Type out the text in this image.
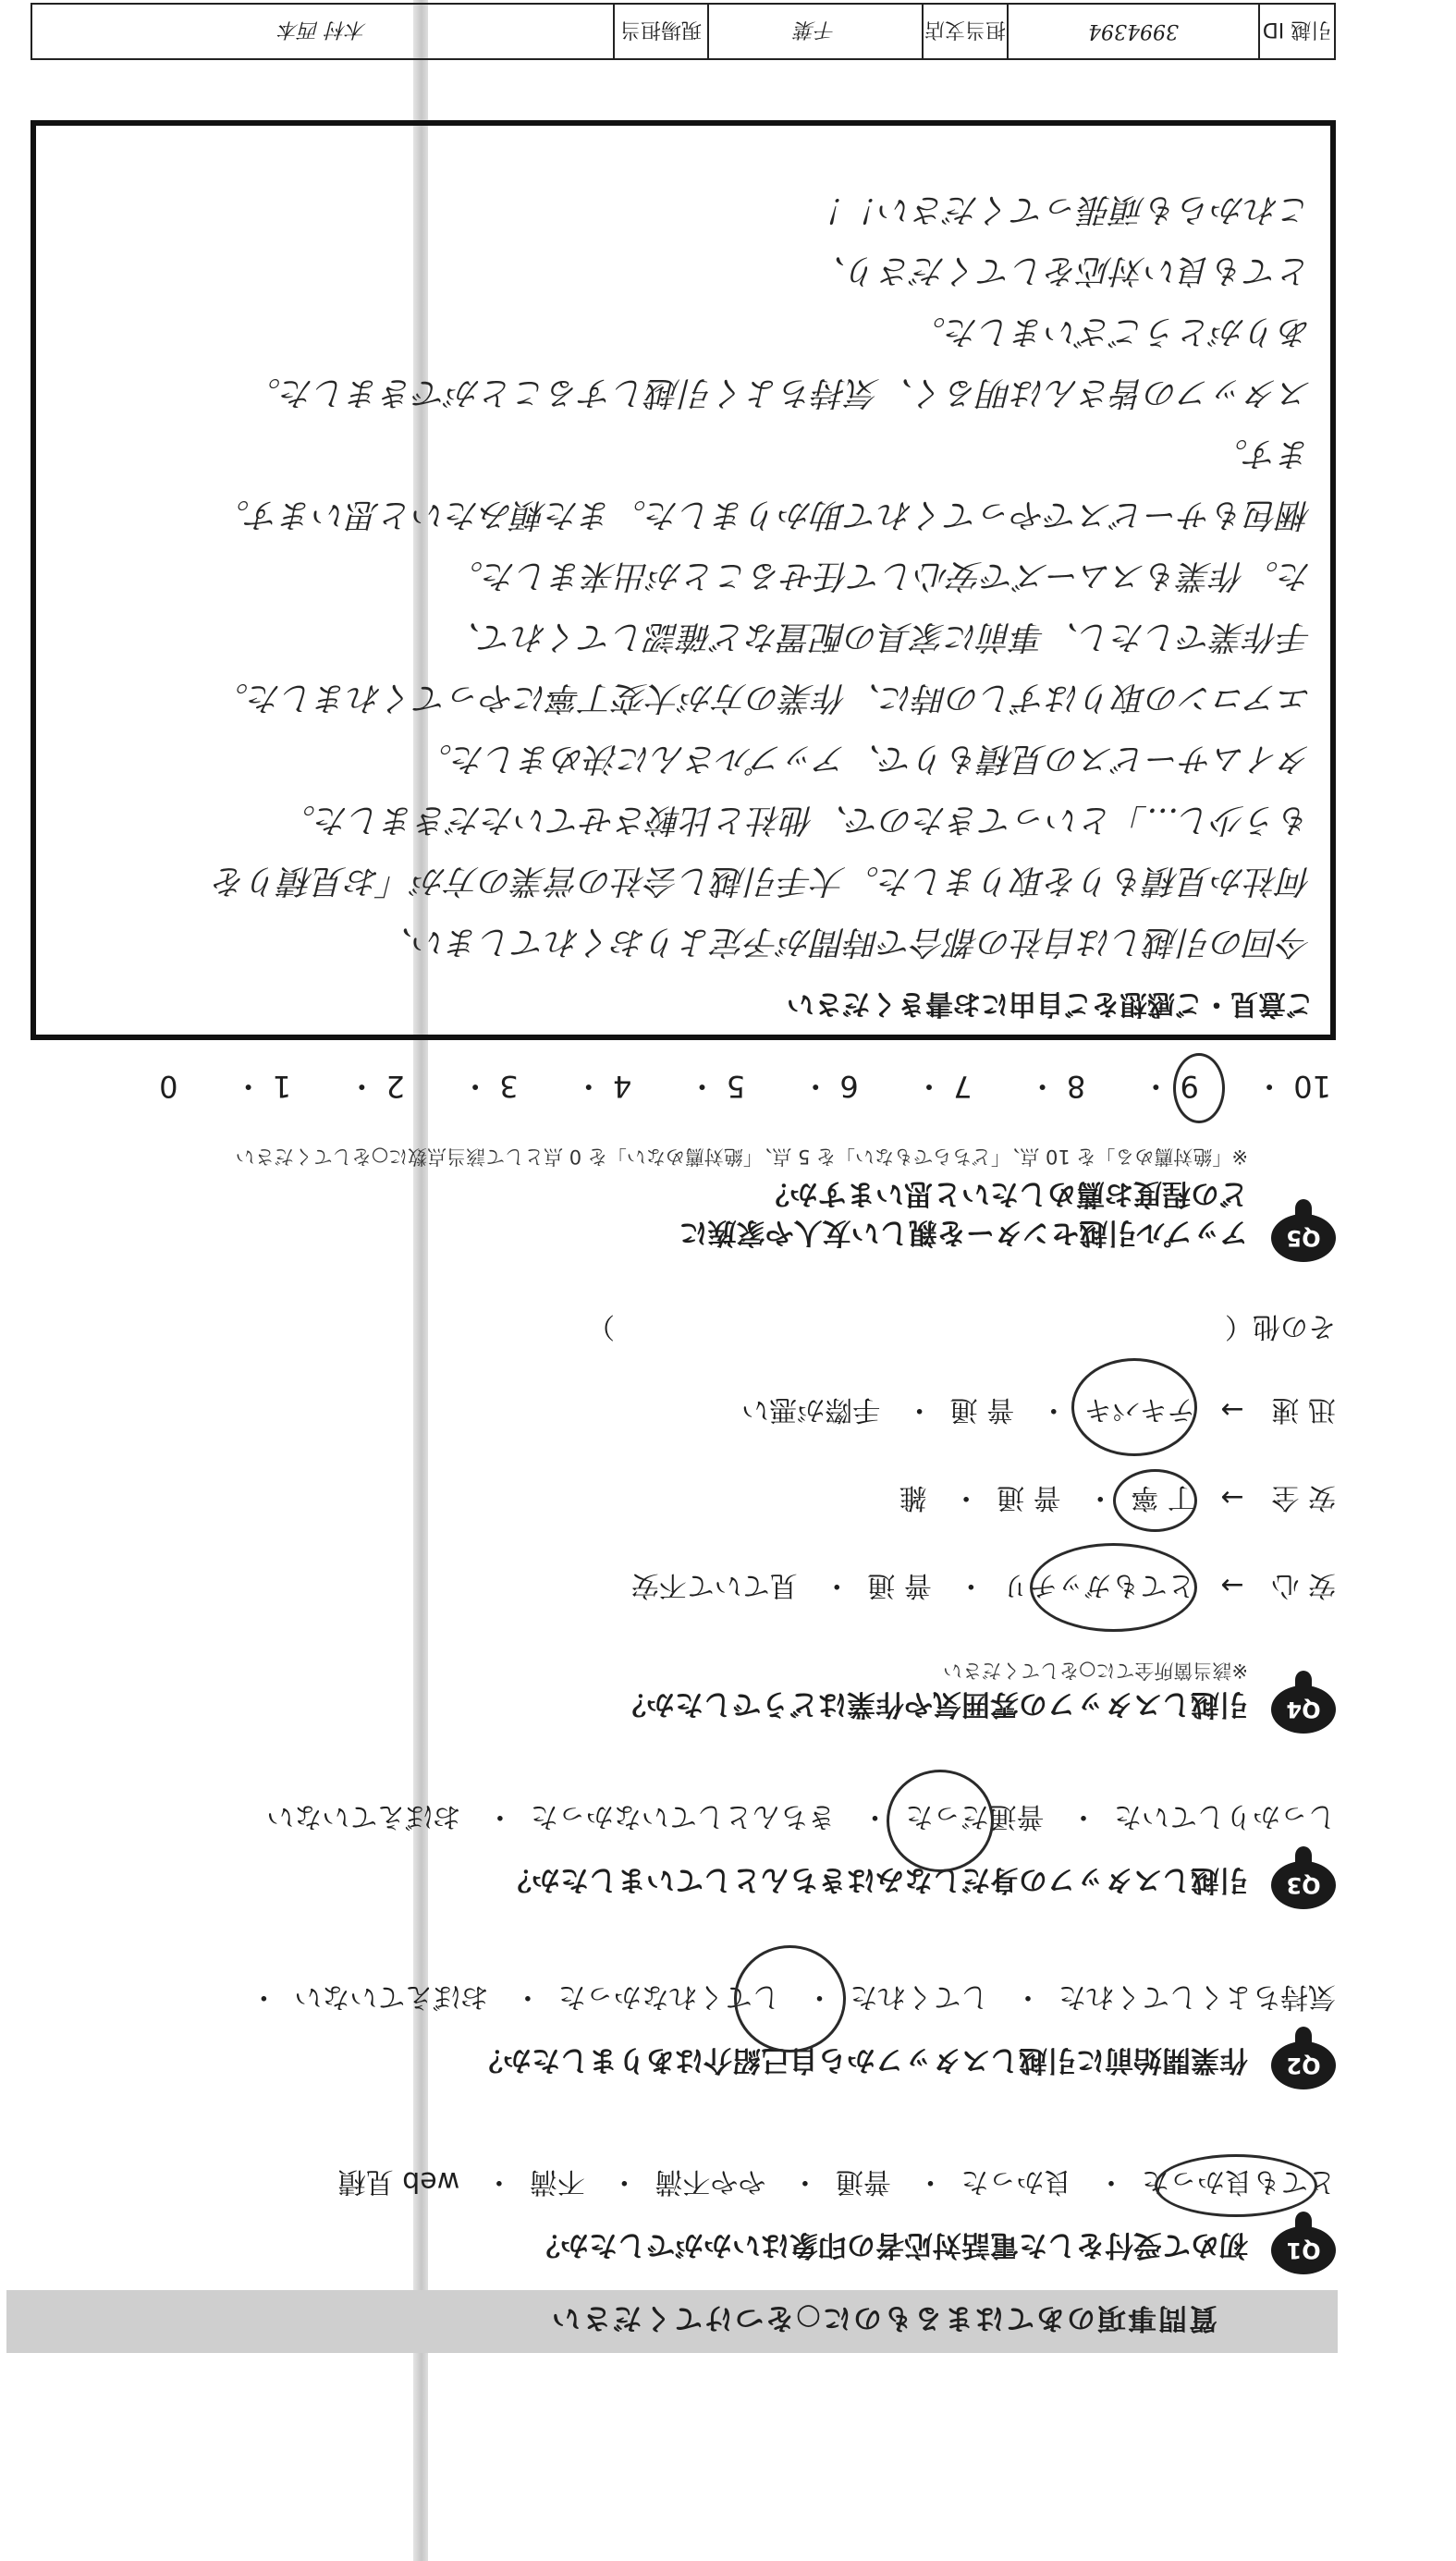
質問事項のあてはまるものに○をつけてください
Q1
初めて受付をした電話対応者の印象はいかがでしたか？
とても良かった・ 良かった・ 普通・ やや不満・ 不満・ web 見積
Q2
作業開始前に引越しスタッフから自己紹介はありましたか？
気持ちよくしてくれた・ してくれた・ してくれなかった・ おぼえていない・
Q3
引越しスタッフの身だしなみはきちんとしていましたか？
しっかりしていた・ 普通だった・ きちんとしていなかった・ おぼえていない
Q4
引越しスタッフの雰囲気や作業はどうでしたか？
※該当箇所全てに○をしてください
安 心→ とてもガッチリ・ 普 通・ 見ていて不安
安 全→ 丁 寧・ 普 通・ 雑
迅 速→ テキパキ・ 普 通・ 手際が悪い
その他（　　　　　　　　　　　　　　　　　　　　　　）
Q5
アップル引越センターを親しい友人や家族に
どの程度お薦めしたいと思いますか？
※「絶対薦める」を 10 点、「どちらでもない」を 5 点、「絶対薦めない」を 0 点として該当点数に○をしてください
10 ・ 9 ・ 8 ・ 7 ・ 6 ・ 5 ・ 4 ・ 3 ・ 2 ・ 1 ・ 0
ご意見・ご感想をご自由にお書きください
今回の引越しは自社の都合で時間が予定よりおくれてしまい、
何社か見積もりを取りました。大手引越し会社の営業の方が「お見積りを
もう少し...」といってきたので、他社と比較させていただきました。
タイムサービスの見積もりで、アップルさんに決めました。
エアコンの取りはずしの時に、作業の方が大変丁寧にやってくれました。
手作業でしたし、事前に家具の配置など確認してくれて、
た。作業もスムーズで安心して任せることが出来ました。
梱包もサービスでやってくれて助かりました。また頼みたいと思います。
ます。
スタッフの皆さんは明るく、気持ちよく引越しすることができました。
ありがとうございました。
とても良い対応をしてくださり、
これからも頑張ってください！！
引越 ID
3994394
担当支店
千葉
現場担当
木村 西本
